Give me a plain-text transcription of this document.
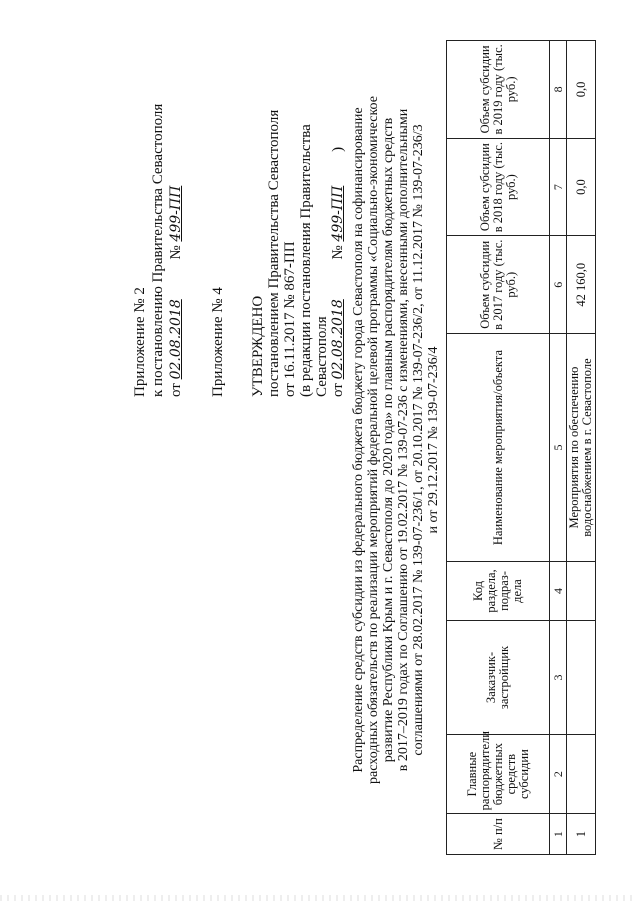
Приложение № 2 к постановлению Правительства Севастополя от 02.08.2018 № 499-ПП
Приложение № 4 УТВЕРЖДЕНО постановлением Правительства Севастополя от 16.11.2017 № 867-ПП (в редакции постановления Правительства Севастополя от 02.08.2018 № 499-ПП ) Распределение средств субсидии из федерального бюджета бюджету города Севастополя на софинансирование расходных обязательств по реализации мероприятий федеральной целевой программы «Социально-экономическое развитие Республики Крым и г. Севастополя до 2020 года» по главным распорядителям бюджетных средств в 2017–2019 годах по Соглашению от 19.02.2017 № 139-07-236 с изменениями, внесенными дополнительными соглашениями от 28.02.2017 № 139-07-236/1, от 20.10.2017 № 139-07-236/2, от 11.12.2017 № 139-07-236/3 и от 29.12.2017 № 139-07-236/4
№ п/п	Главные распорядители бюджетных средств субсидии	Заказчик-застройщик	Код раздела, подраз-дела	Наименование мероприятия/объекта	Объем субсидии в 2017 году (тыс. руб.)	Объем субсидии в 2018 году (тыс. руб.)	Объем субсидии в 2019 году (тыс. руб.)
1	2	3	4	5	6	7	8
1				Мероприятия по обеспечению водоснабжением в г. Севастополе	42 160,0	0,0	0,0
